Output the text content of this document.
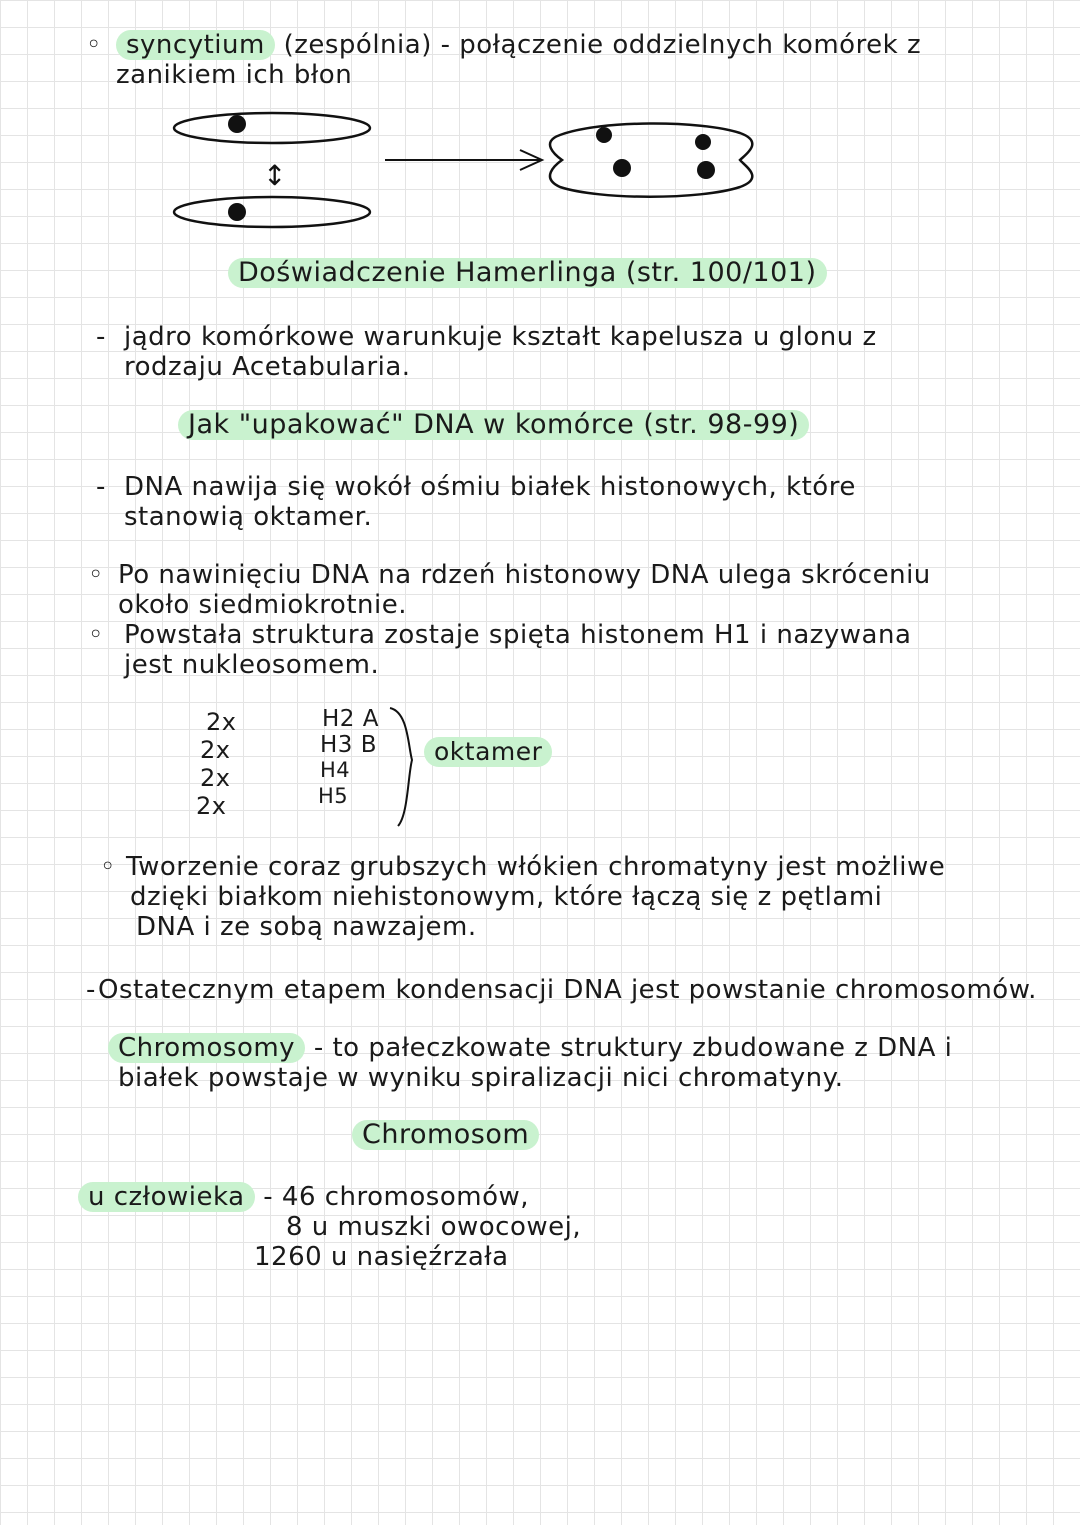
↕
◦ syncytium (zespólnia) - połączenie oddzielnych komórek z
zanikiem ich błon
Doświadczenie Hamerlinga (str. 100/101)
- jądro komórkowe warunkuje kształt kapelusza u glonu z
rodzaju Acetabularia.
Jak "upakować" DNA w komórce (str. 98-99)
- DNA nawija się wokół ośmiu białek histonowych, które
stanowią oktamer.
◦ Po nawinięciu DNA na rdzeń histonowy DNA ulega skróceniu
około siedmiokrotnie.
◦ Powstała struktura zostaje spięta histonem H1 i nazywana
jest nukleosomem.
2x
2x
2x
2x
H2 A
H3 B
H4
H5
oktamer
◦ Tworzenie coraz grubszych włókien chromatyny jest możliwe
dzięki białkom niehistonowym, które łączą się z pętlami
DNA i ze sobą nawzajem.
- Ostatecznym etapem kondensacji DNA jest powstanie chromosomów.
Chromosomy - to pałeczkowate struktury zbudowane z DNA i
białek powstaje w wyniku spiralizacji nici chromatyny.
Chromosom
u człowieka - 46 chromosomów,
8 u muszki owocowej,
1260 u nasięźrzała
